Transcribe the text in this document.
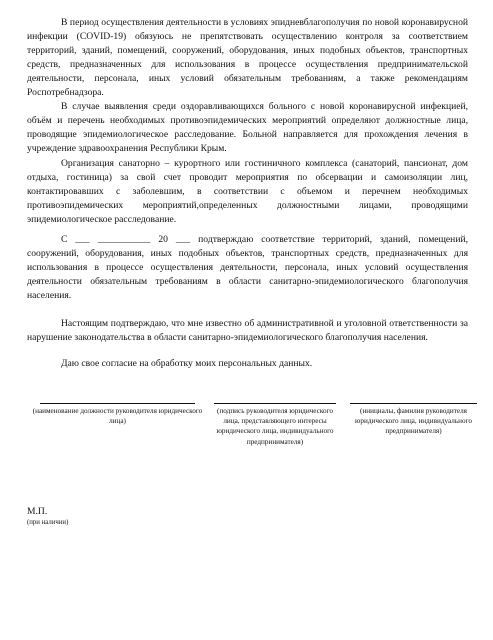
В период осуществления деятельности в условиях эпидневблагополучия по новой коронавирусной инфекции (COVID-19) обязуюсь не препятствовать осуществлению контроля за соответствием территорий, зданий, помещений, сооружений, оборудования, иных подобных объектов, транспортных средств, предназначенных для использования в процессе осуществления предпринимательской деятельности, персонала, иных условий обязательным требованиям, а также рекомендациям Роспотребнадзора.

В случае выявления среди оздоравливающихся больного с новой коронавирусной инфекцией, объём и перечень необходимых противоэпидемических мероприятий определяют должностные лица, проводящие эпидемиологическое расследование. Больной направляется для прохождения лечения в учреждение здравоохранения Республики Крым.

Организация санаторно – курортного или гостиничного комплекса (санаторий, пансионат, дом отдыха, гостиница) за свой счет проводит мероприятия по обсервации и самоизоляции лиц, контактировавших с заболевшим, в соответствии с объемом и перечнем необходимых противоэпидемических мероприятий,определенных должностными лицами, проводящими эпидемиологическое расследование.

С ___ ___________ 20 ___ подтверждаю соответствие территорий, зданий, помещений, сооружений, оборудования, иных подобных объектов, транспортных средств, предназначенных для использования в процессе осуществления деятельности, персонала, иных условий осуществления деятельности обязательным требованиям в области санитарно-эпидемиологического благополучия населения.

Настоящим подтверждаю, что мне известно об административной и уголовной ответственности за нарушение законодательства в области санитарно-эпидемиологического благополучия населения.

Даю свое согласие на обработку моих персональных данных.

(наименование должности руководителя юридического лица)

(подпись руководителя юридического лица, представляющего интересы юридического лица, индивидуального предпринимателя)

(инициалы, фамилия руководителя юридического лица, индивидуального предпринимателя)

М.П.

(при наличии)
